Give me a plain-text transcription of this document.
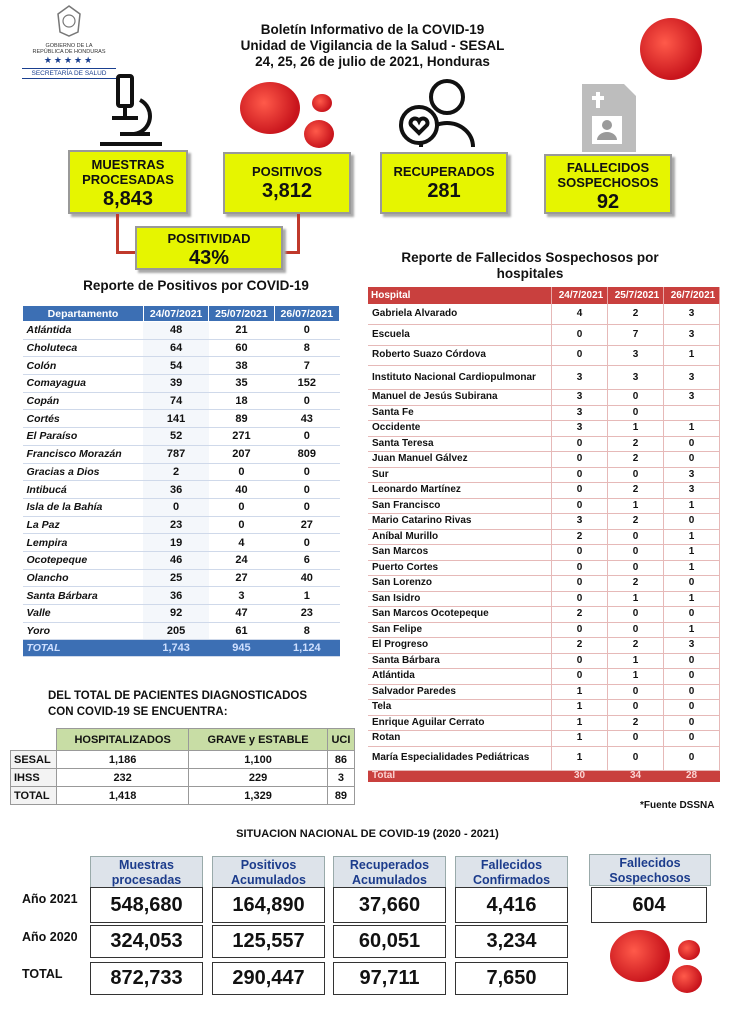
GOBIERNO DE LA
REPÚBLICA DE HONDURAS
★★★★★
SECRETARÍA DE SALUD
Boletín Informativo de la COVID-19
Unidad de Vigilancia de la Salud - SESAL
24, 25, 26 de julio de 2021, Honduras
MUESTRAS
PROCESADAS
8,843
POSITIVOS
3,812
RECUPERADOS
281
FALLECIDOS
SOSPECHOSOS
92
POSITIVIDAD
43%
Reporte de Positivos por COVID-19
Departamento	24/07/2021	25/07/2021	26/07/2021
Atlántida	48	21	0
Choluteca	64	60	8
Colón	54	38	7
Comayagua	39	35	152
Copán	74	18	0
Cortés	141	89	43
El Paraíso	52	271	0
Francisco Morazán	787	207	809
Gracias a Dios	2	0	0
Intibucá	36	40	0
Isla de la Bahía	0	0	0
La Paz	23	0	27
Lempira	19	4	0
Ocotepeque	46	24	6
Olancho	25	27	40
Santa Bárbara	36	3	1
Valle	92	47	23
Yoro	205	61	8
TOTAL	1,743	945	1,124
Reporte de Fallecidos Sospechosos por
hospitales
Hospital	24/7/2021	25/7/2021	26/7/2021
Gabriela Alvarado	4	2	3
Escuela	0	7	3
Roberto Suazo Córdova	0	3	1
Instituto Nacional Cardiopulmonar	3	3	3
Manuel de Jesús Subirana	3	0	3
Santa Fe	3	0	
Occidente	3	1	1
Santa Teresa	0	2	0
Juan Manuel Gálvez	0	2	0
Sur	0	0	3
Leonardo Martínez	0	2	3
San Francisco	0	1	1
Mario Catarino Rivas	3	2	0
Aníbal Murillo	2	0	1
San Marcos	0	0	1
Puerto Cortes	0	0	1
San Lorenzo	0	2	0
San Isidro	0	1	1
San Marcos Ocotepeque	2	0	0
San Felipe	0	0	1
El Progreso	2	2	3
Santa Bárbara	0	1	0
Atlántida	0	1	0
Salvador Paredes	1	0	0
Tela	1	0	0
Enrique Aguilar Cerrato	1	2	0
Rotan	1	0	0
María Especialidades Pediátricas	1	0	0
Total	30	34	28
*Fuente DSSNA
DEL TOTAL DE PACIENTES DIAGNOSTICADOS
CON COVID-19 SE ENCUENTRA:
	HOSPITALIZADOS	GRAVE y ESTABLE	UCI
SESAL	1,186	1,100	86
IHSS	232	229	3
TOTAL	1,418	1,329	89
SITUACION NACIONAL DE COVID-19 (2020 - 2021)
Muestras
procesadas
Positivos
Acumulados
Recuperados
Acumulados
Fallecidos
Confirmados
Fallecidos
Sospechosos
Año 2021	548,680	164,890	37,660	4,416	604
Año 2020	324,053	125,557	60,051	3,234
TOTAL	872,733	290,447	97,711	7,650
